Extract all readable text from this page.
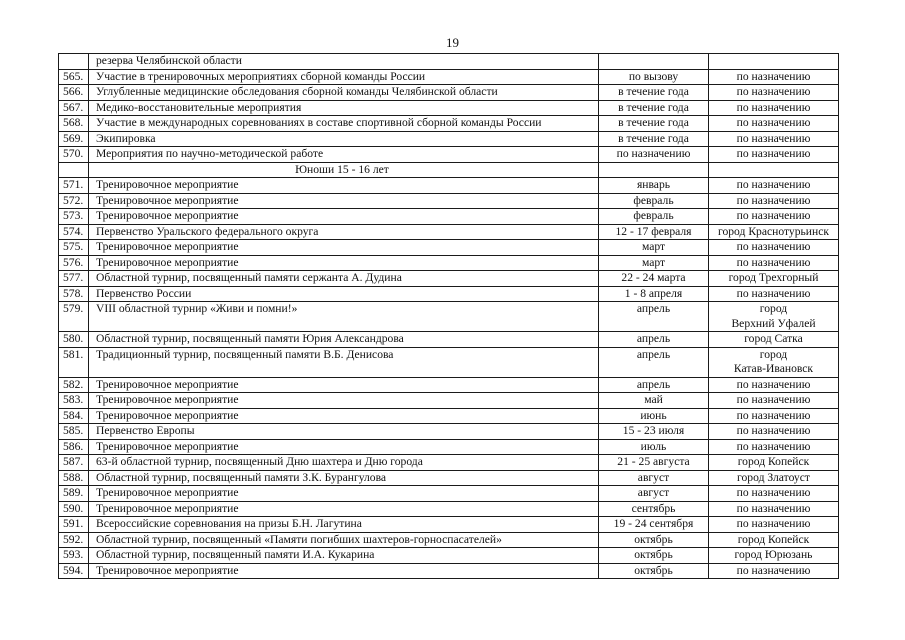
19
	резерва Челябинской области		
565.	Участие в тренировочных мероприятиях сборной команды России	по вызову	по назначению
566.	Углубленные медицинские обследования сборной команды Челябинской области	в течение года	по назначению
567.	Медико-восстановительные мероприятия	в течение года	по назначению
568.	Участие в международных соревнованиях в составе спортивной сборной команды России	в течение года	по назначению
569.	Экипировка	в течение года	по назначению
570.	Мероприятия по научно-методической работе	по назначению	по назначению
	Юноши 15 - 16 лет		
571.	Тренировочное мероприятие	январь	по назначению
572.	Тренировочное мероприятие	февраль	по назначению
573.	Тренировочное мероприятие	февраль	по назначению
574.	Первенство Уральского федерального округа	12 - 17 февраля	город Краснотурьинск
575.	Тренировочное мероприятие	март	по назначению
576.	Тренировочное мероприятие	март	по назначению
577.	Областной турнир, посвященный памяти сержанта А. Дудина	22 - 24 марта	город Трехгорный
578.	Первенство России	1 - 8 апреля	по назначению
579.	VIII областной турнир «Живи и помни!»	апрель	город
Верхний Уфалей

580.	Областной турнир, посвященный памяти Юрия Александрова	апрель	город Сатка
581.	Традиционный турнир, посвященный памяти В.Б. Денисова	апрель	город
Катав-Ивановск

582.	Тренировочное мероприятие	апрель	по назначению
583.	Тренировочное мероприятие	май	по назначению
584.	Тренировочное мероприятие	июнь	по назначению
585.	Первенство Европы	15 - 23 июля	по назначению
586.	Тренировочное мероприятие	июль	по назначению
587.	63-й областной турнир, посвященный Дню шахтера и Дню города	21 - 25 августа	город Копейск
588.	Областной турнир, посвященный памяти З.К. Бурангулова	август	город Златоуст
589.	Тренировочное мероприятие	август	по назначению
590.	Тренировочное мероприятие	сентябрь	по назначению
591.	Всероссийские соревнования на призы Б.Н. Лагутина	19 - 24 сентября	по назначению
592.	Областной турнир, посвященный «Памяти погибших шахтеров-горноспасателей»	октябрь	город Копейск
593.	Областной турнир, посвященный памяти И.А. Кукарина	октябрь	город Юрюзань
594.	Тренировочное мероприятие	октябрь	по назначению
